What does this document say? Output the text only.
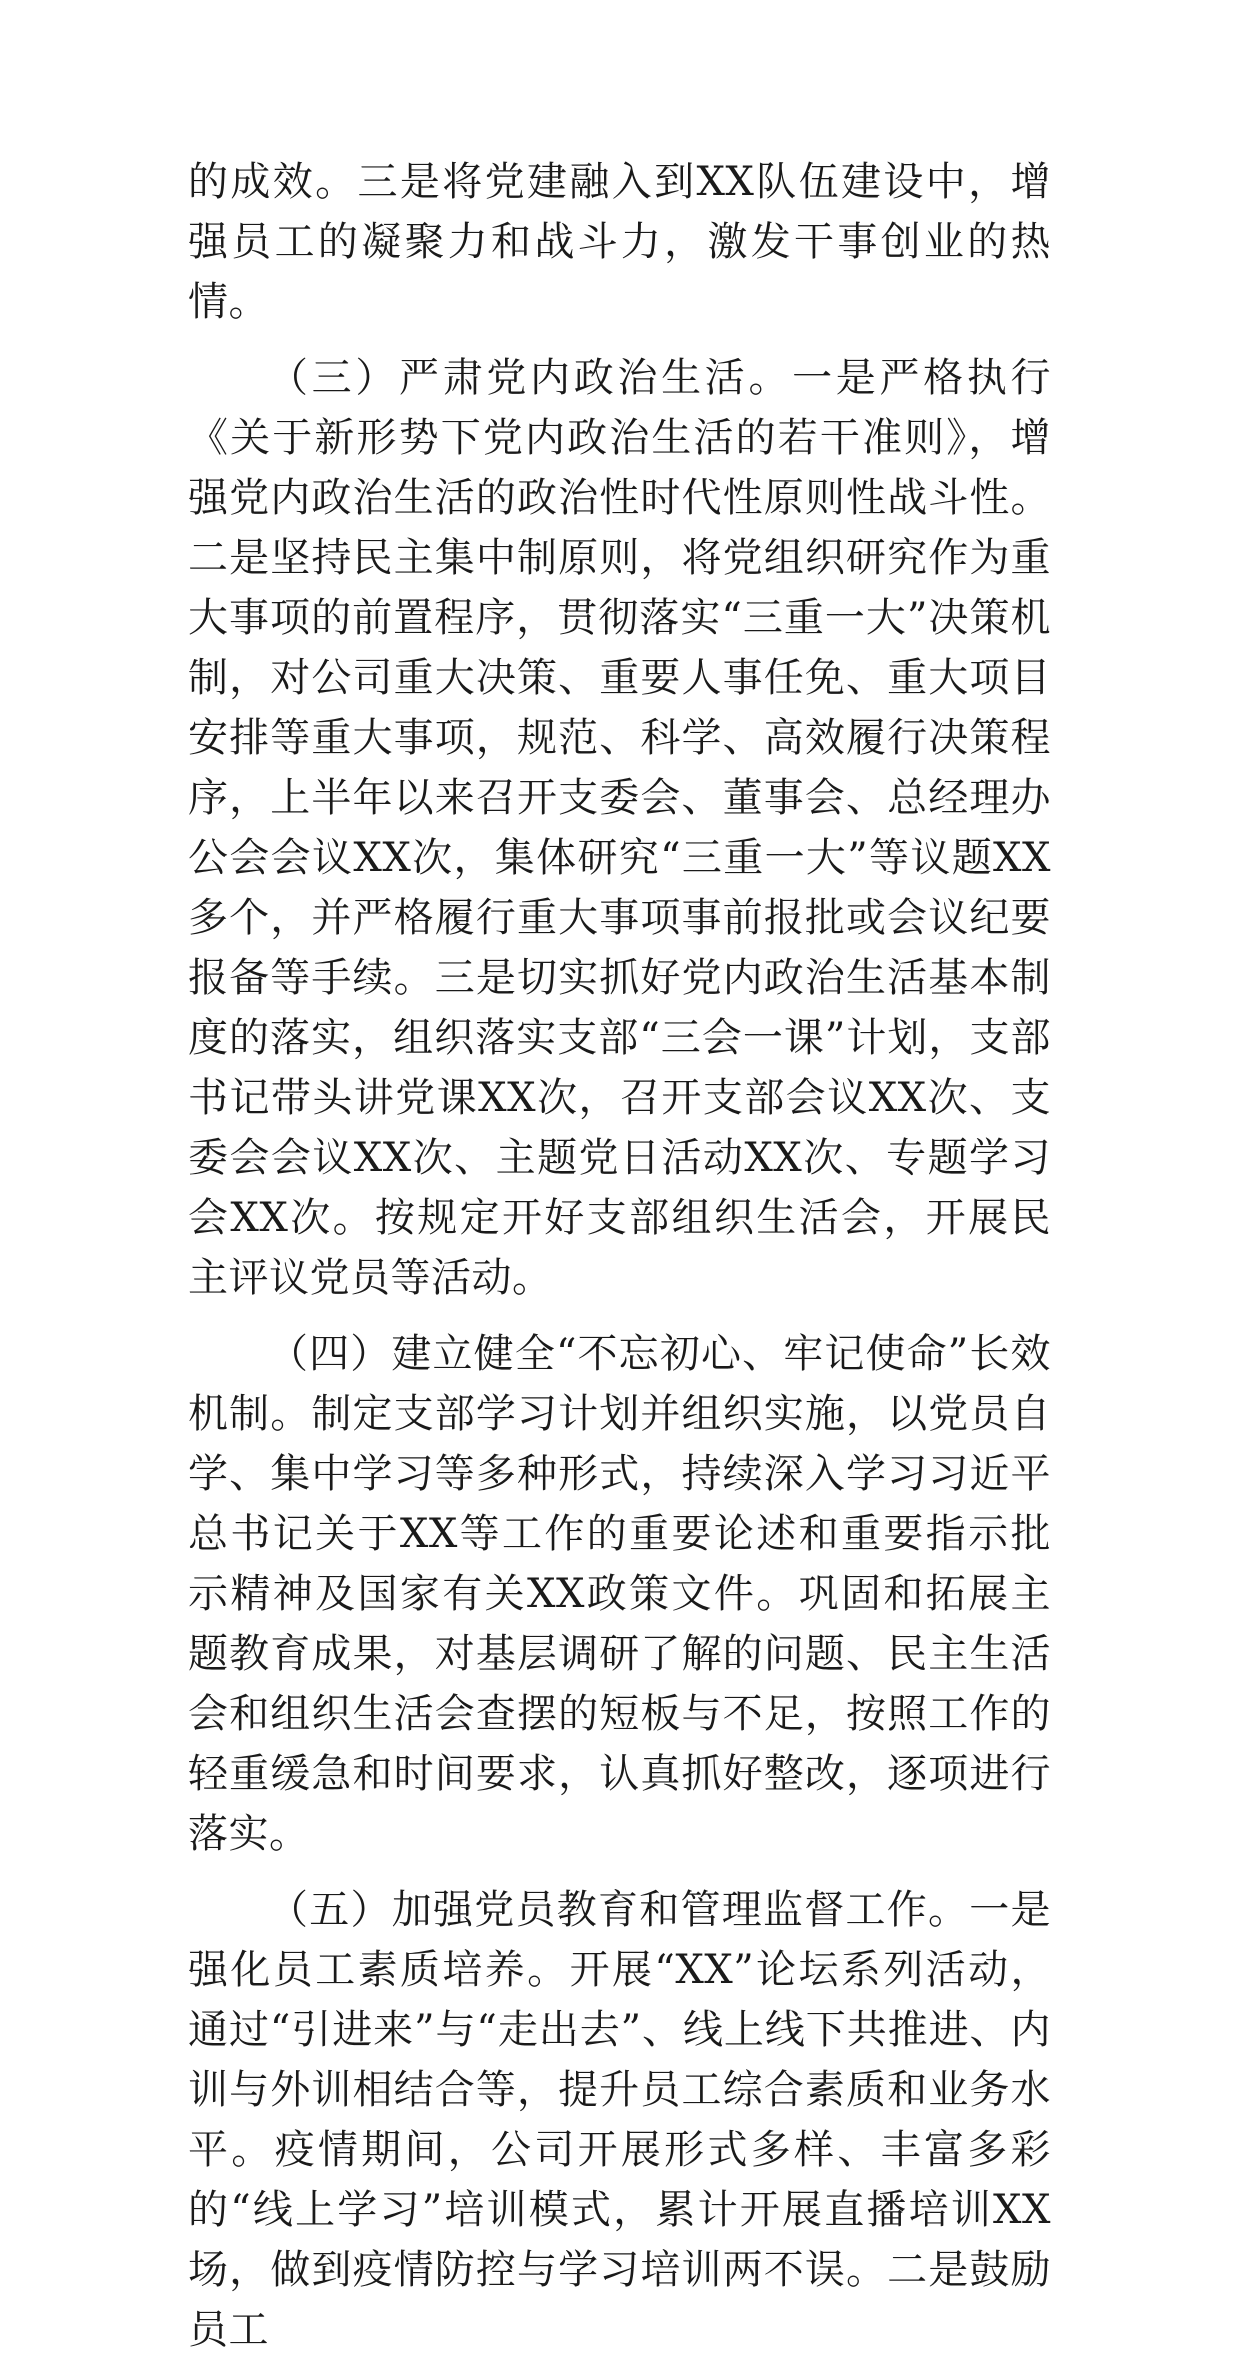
的成效。三是将党建融入到XX队伍建设中，增强员工的凝聚力和战斗力，激发干事创业的热情。

（三）严肃党内政治生活。一是严格执行《关于新形势下党内政治生活的若干准则》，增强党内政治生活的政治性时代性原则性战斗性。二是坚持民主集中制原则，将党组织研究作为重大事项的前置程序，贯彻落实“三重一大”决策机制，对公司重大决策、重要人事任免、重大项目安排等重大事项，规范、科学、高效履行决策程序，上半年以来召开支委会、董事会、总经理办公会会议XX次，集体研究“三重一大”等议题XX多个，并严格履行重大事项事前报批或会议纪要报备等手续。三是切实抓好党内政治生活基本制度的落实，组织落实支部“三会一课”计划，支部书记带头讲党课XX次，召开支部会议XX次、支委会会议XX次、主题党日活动XX次、专题学习会XX次。按规定开好支部组织生活会，开展民主评议党员等活动。

（四）建立健全“不忘初心、牢记使命”长效机制。制定支部学习计划并组织实施，以党员自学、集中学习等多种形式，持续深入学习习近平总书记关于XX等工作的重要论述和重要指示批示精神及国家有关XX政策文件。巩固和拓展主题教育成果，对基层调研了解的问题、民主生活会和组织生活会查摆的短板与不足，按照工作的轻重缓急和时间要求，认真抓好整改，逐项进行落实。

（五）加强党员教育和管理监督工作。一是强化员工素质培养。开展“XX”论坛系列活动，通过“引进来”与“走出去”、线上线下共推进、内训与外训相结合等，提升员工综合素质和业务水平。疫情期间，公司开展形式多样、丰富多彩的“线上学习”培训模式，累计开展直播培训XX场，做到疫情防控与学习培训两不误。二是鼓励员工
